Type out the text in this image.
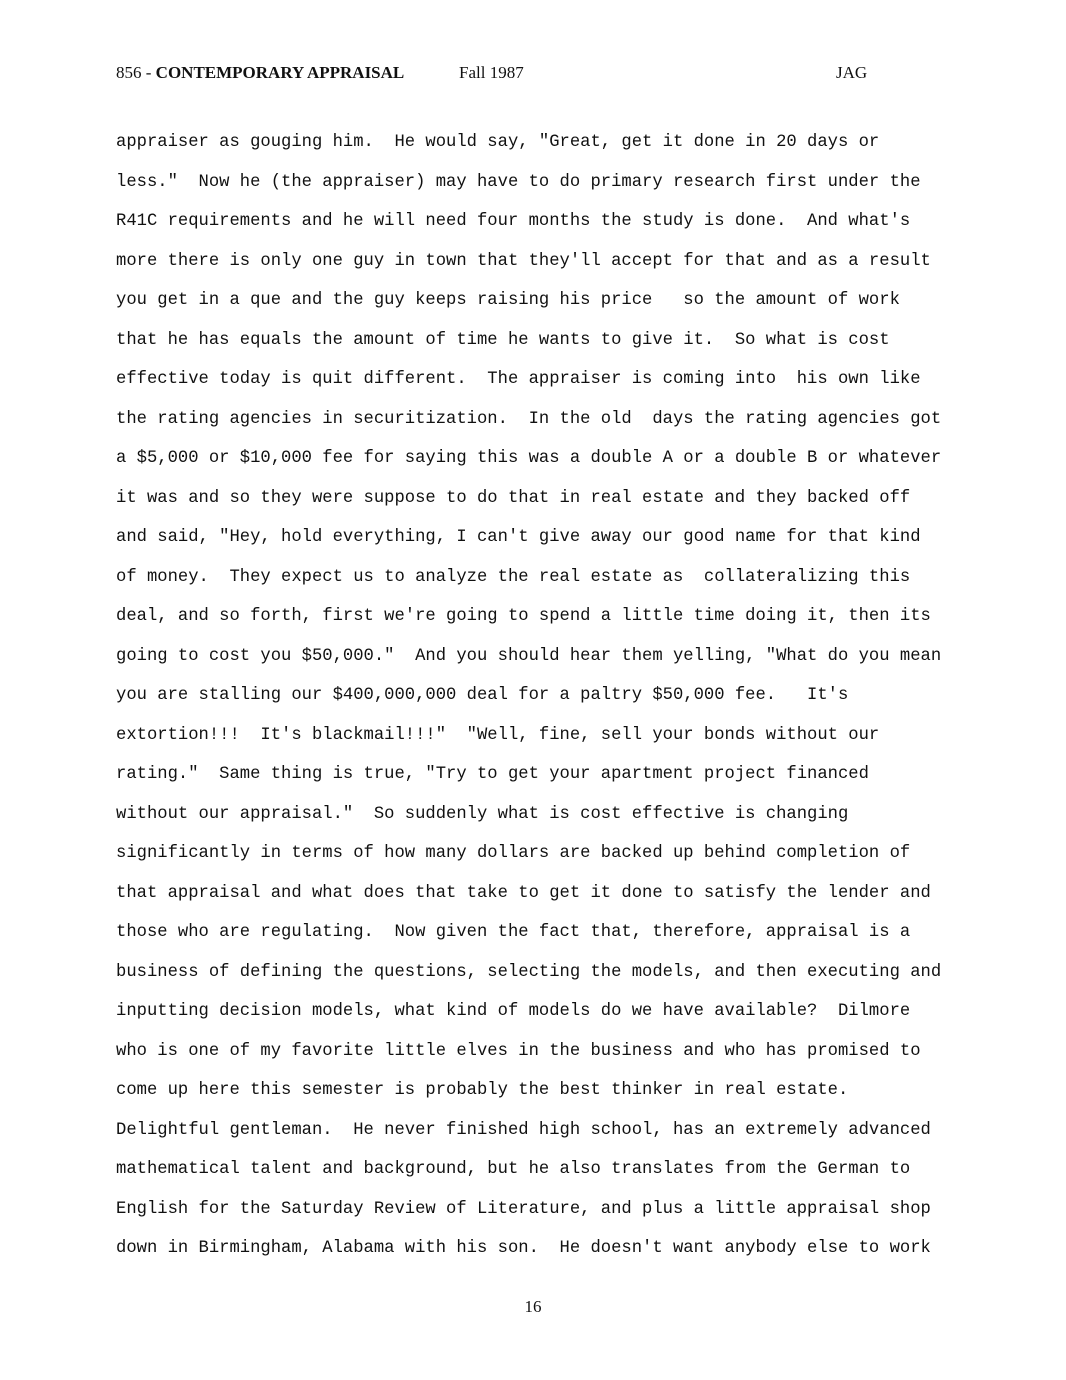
856 - CONTEMPORARY APPRAISAL	Fall 1987	JAG
appraiser as gouging him.  He would say, "Great, get it done in 20 days or
less."  Now he (the appraiser) may have to do primary research first under the
R41C requirements and he will need four months the study is done.  And what's
more there is only one guy in town that they'll accept for that and as a result
you get in a que and the guy keeps raising his price   so the amount of work
that he has equals the amount of time he wants to give it.  So what is cost
effective today is quit different.  The appraiser is coming into  his own like
the rating agencies in securitization.  In the old  days the rating agencies got
a $5,000 or $10,000 fee for saying this was a double A or a double B or whatever
it was and so they were suppose to do that in real estate and they backed off
and said, "Hey, hold everything, I can't give away our good name for that kind
of money.  They expect us to analyze the real estate as  collateralizing this
deal, and so forth, first we're going to spend a little time doing it, then its
going to cost you $50,000."  And you should hear them yelling, "What do you mean
you are stalling our $400,000,000 deal for a paltry $50,000 fee.   It's
extortion!!!  It's blackmail!!!"  "Well, fine, sell your bonds without our
rating."  Same thing is true, "Try to get your apartment project financed
without our appraisal."  So suddenly what is cost effective is changing
significantly in terms of how many dollars are backed up behind completion of
that appraisal and what does that take to get it done to satisfy the lender and
those who are regulating.  Now given the fact that, therefore, appraisal is a
business of defining the questions, selecting the models, and then executing and
inputting decision models, what kind of models do we have available?  Dilmore
who is one of my favorite little elves in the business and who has promised to
come up here this semester is probably the best thinker in real estate.
Delightful gentleman.  He never finished high school, has an extremely advanced
mathematical talent and background, but he also translates from the German to
English for the Saturday Review of Literature, and plus a little appraisal shop
down in Birmingham, Alabama with his son.  He doesn't want anybody else to work
16
